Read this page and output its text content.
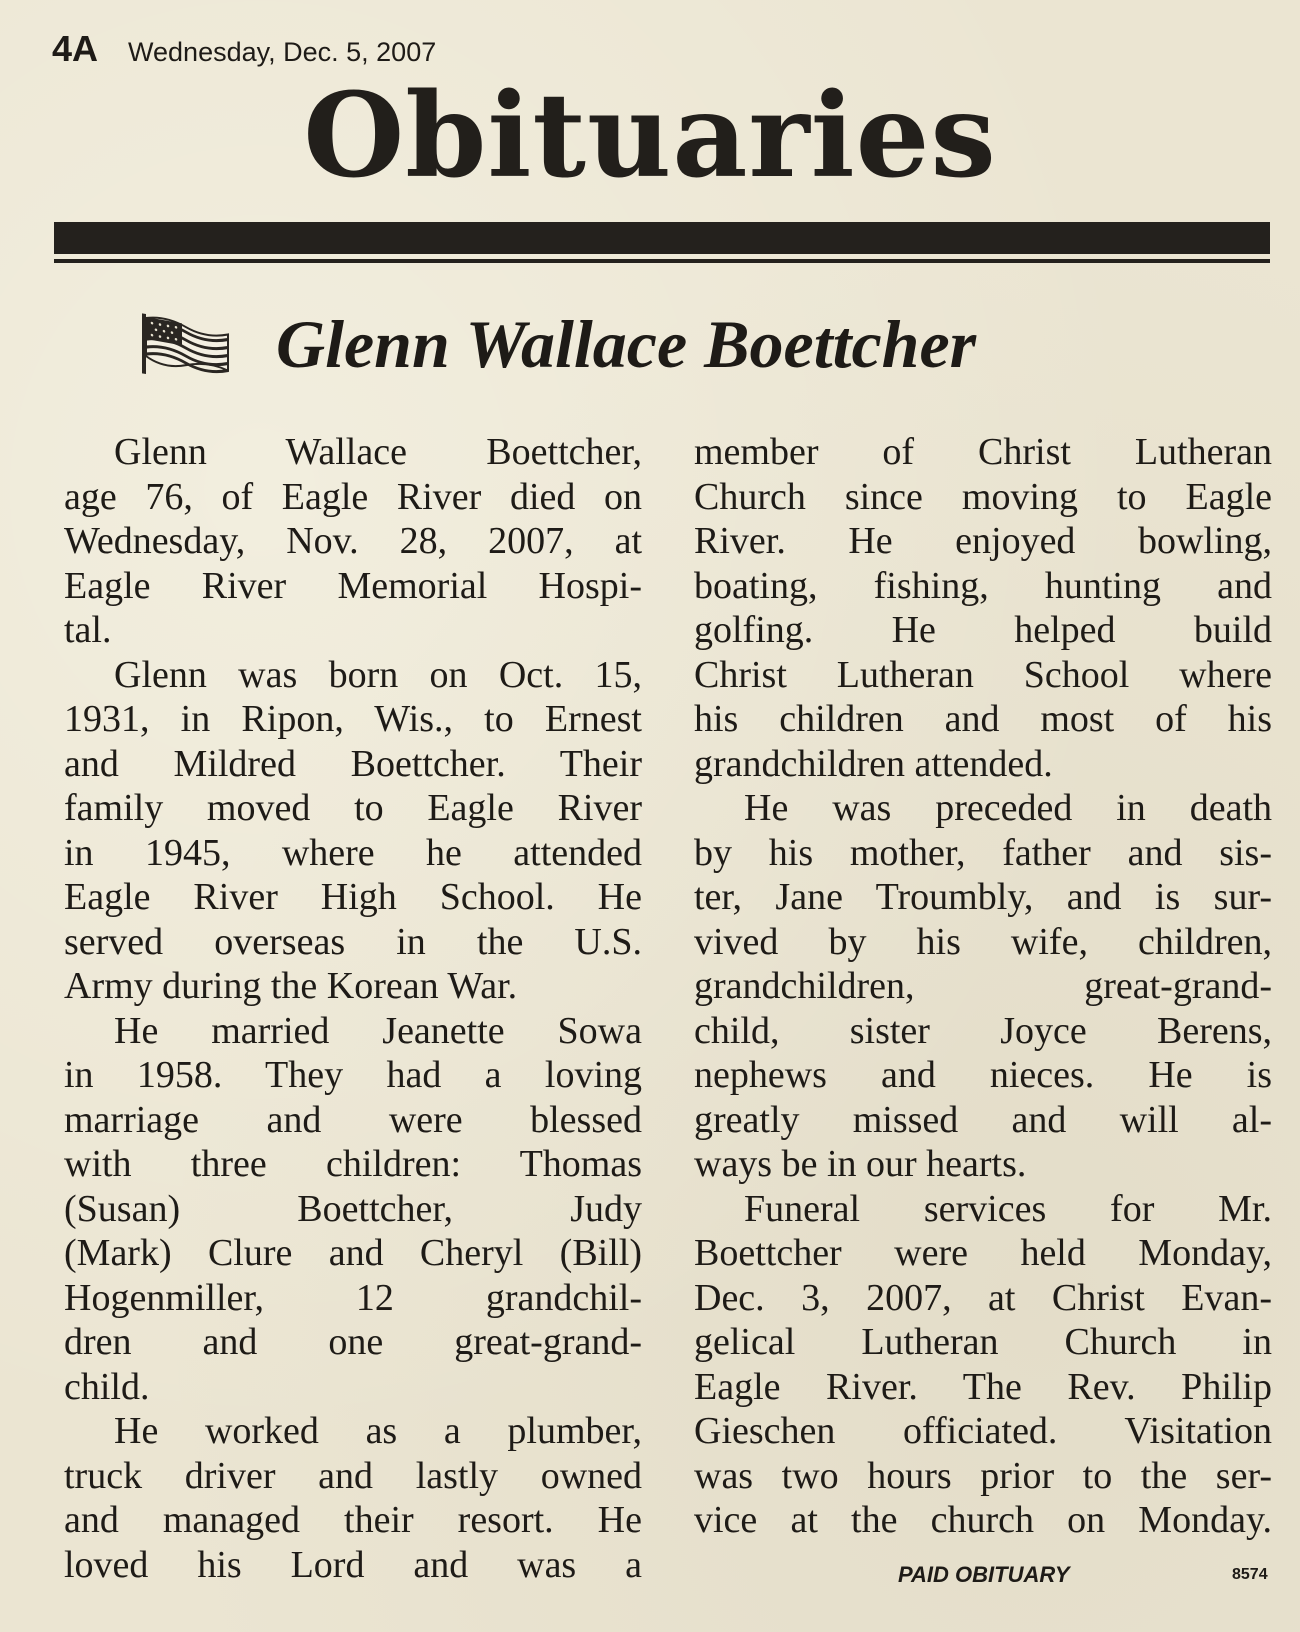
4A Wednesday, Dec. 5, 2007
Obituaries
Glenn Wallace Boettcher
Glenn Wallace Boettcher,
age 76, of Eagle River died on
Wednesday, Nov. 28, 2007, at
Eagle River Memorial Hospi-
tal.
Glenn was born on Oct. 15,
1931, in Ripon, Wis., to Ernest
and Mildred Boettcher. Their
family moved to Eagle River
in 1945, where he attended
Eagle River High School. He
served overseas in the U.S.
Army during the Korean War.
He married Jeanette Sowa
in 1958. They had a loving
marriage and were blessed
with three children: Thomas
(Susan) Boettcher, Judy
(Mark) Clure and Cheryl (Bill)
Hogenmiller, 12 grandchil-
dren and one great-grand-
child.
He worked as a plumber,
truck driver and lastly owned
and managed their resort. He
loved his Lord and was a
member of Christ Lutheran
Church since moving to Eagle
River. He enjoyed bowling,
boating, fishing, hunting and
golfing. He helped build
Christ Lutheran School where
his children and most of his
grandchildren attended.
He was preceded in death
by his mother, father and sis-
ter, Jane Troumbly, and is sur-
vived by his wife, children,
grandchildren, great-grand-
child, sister Joyce Berens,
nephews and nieces. He is
greatly missed and will al-
ways be in our hearts.
Funeral services for Mr.
Boettcher were held Monday,
Dec. 3, 2007, at Christ Evan-
gelical Lutheran Church in
Eagle River. The Rev. Philip
Gieschen officiated. Visitation
was two hours prior to the ser-
vice at the church on Monday.
PAID OBITUARY	8574
